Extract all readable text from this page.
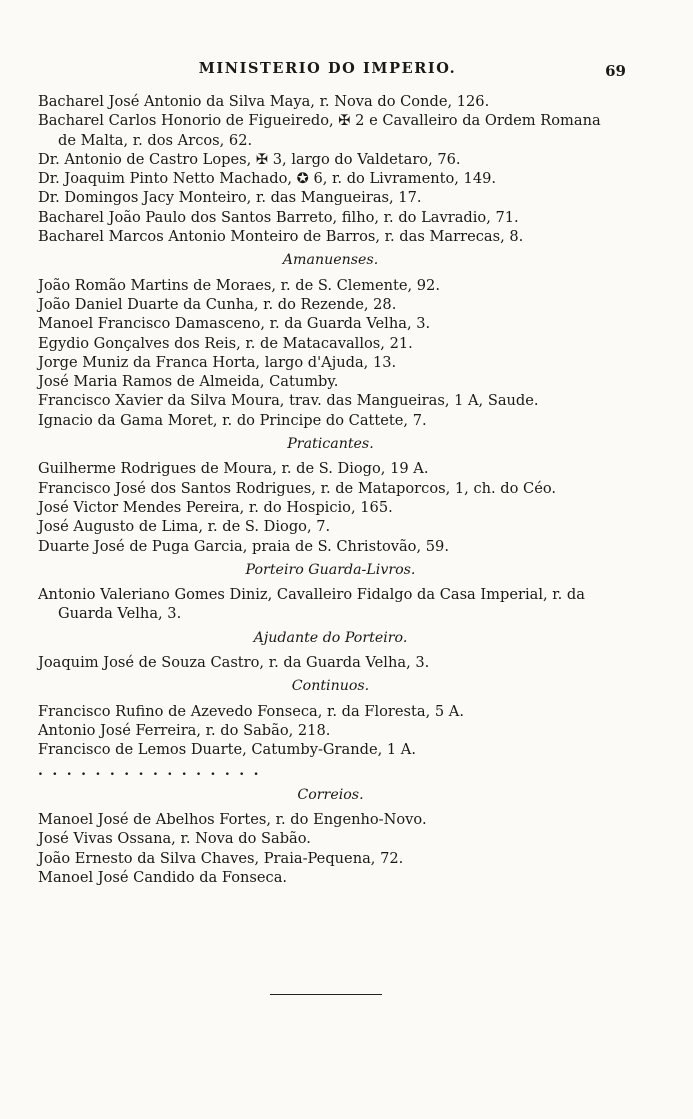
MINISTERIO DO IMPERIO.	69

Bacharel José Antonio da Silva Maya, r. Nova do Conde, 126.

Bacharel Carlos Honorio de Figueiredo, ✠ 2 e Cavalleiro da Ordem Romana de Malta, r. dos Arcos, 62.

Dr. Antonio de Castro Lopes, ✠ 3, largo do Valdetaro, 76.

Dr. Joaquim Pinto Netto Machado, ✪ 6, r. do Livramento, 149.

Dr. Domingos Jacy Monteiro, r. das Mangueiras, 17.

Bacharel João Paulo dos Santos Barreto, filho, r. do Lavradio, 71.

Bacharel Marcos Antonio Monteiro de Barros, r. das Marrecas, 8.

Amanuenses.

João Romão Martins de Moraes, r. de S. Clemente, 92.

João Daniel Duarte da Cunha, r. do Rezende, 28.

Manoel Francisco Damasceno, r. da Guarda Velha, 3.

Egydio Gonçalves dos Reis, r. de Matacavallos, 21.

Jorge Muniz da Franca Horta, largo d'Ajuda, 13.

José Maria Ramos de Almeida, Catumby.

Francisco Xavier da Silva Moura, trav. das Mangueiras, 1 A, Saude.

Ignacio da Gama Moret, r. do Principe do Cattete, 7.

Praticantes.

Guilherme Rodrigues de Moura, r. de S. Diogo, 19 A.

Francisco José dos Santos Rodrigues, r. de Mataporcos, 1, ch. do Céo.

José Victor Mendes Pereira, r. do Hospicio, 165.

José Augusto de Lima, r. de S. Diogo, 7.

Duarte José de Puga Garcia, praia de S. Christovão, 59.

Porteiro Guarda-Livros.

Antonio Valeriano Gomes Diniz, Cavalleiro Fidalgo da Casa Imperial, r. da Guarda Velha, 3.

Ajudante do Porteiro.

Joaquim José de Souza Castro, r. da Guarda Velha, 3.

Continuos.

Francisco Rufino de Azevedo Fonseca, r. da Floresta, 5 A.

Antonio José Ferreira, r. do Sabão, 218.

Francisco de Lemos Duarte, Catumby-Grande, 1 A.

................
Correios.

Manoel José de Abelhos Fortes, r. do Engenho-Novo.

José Vivas Ossana, r. Nova do Sabão.

João Ernesto da Silva Chaves, Praia-Pequena, 72.

Manoel José Candido da Fonseca.
